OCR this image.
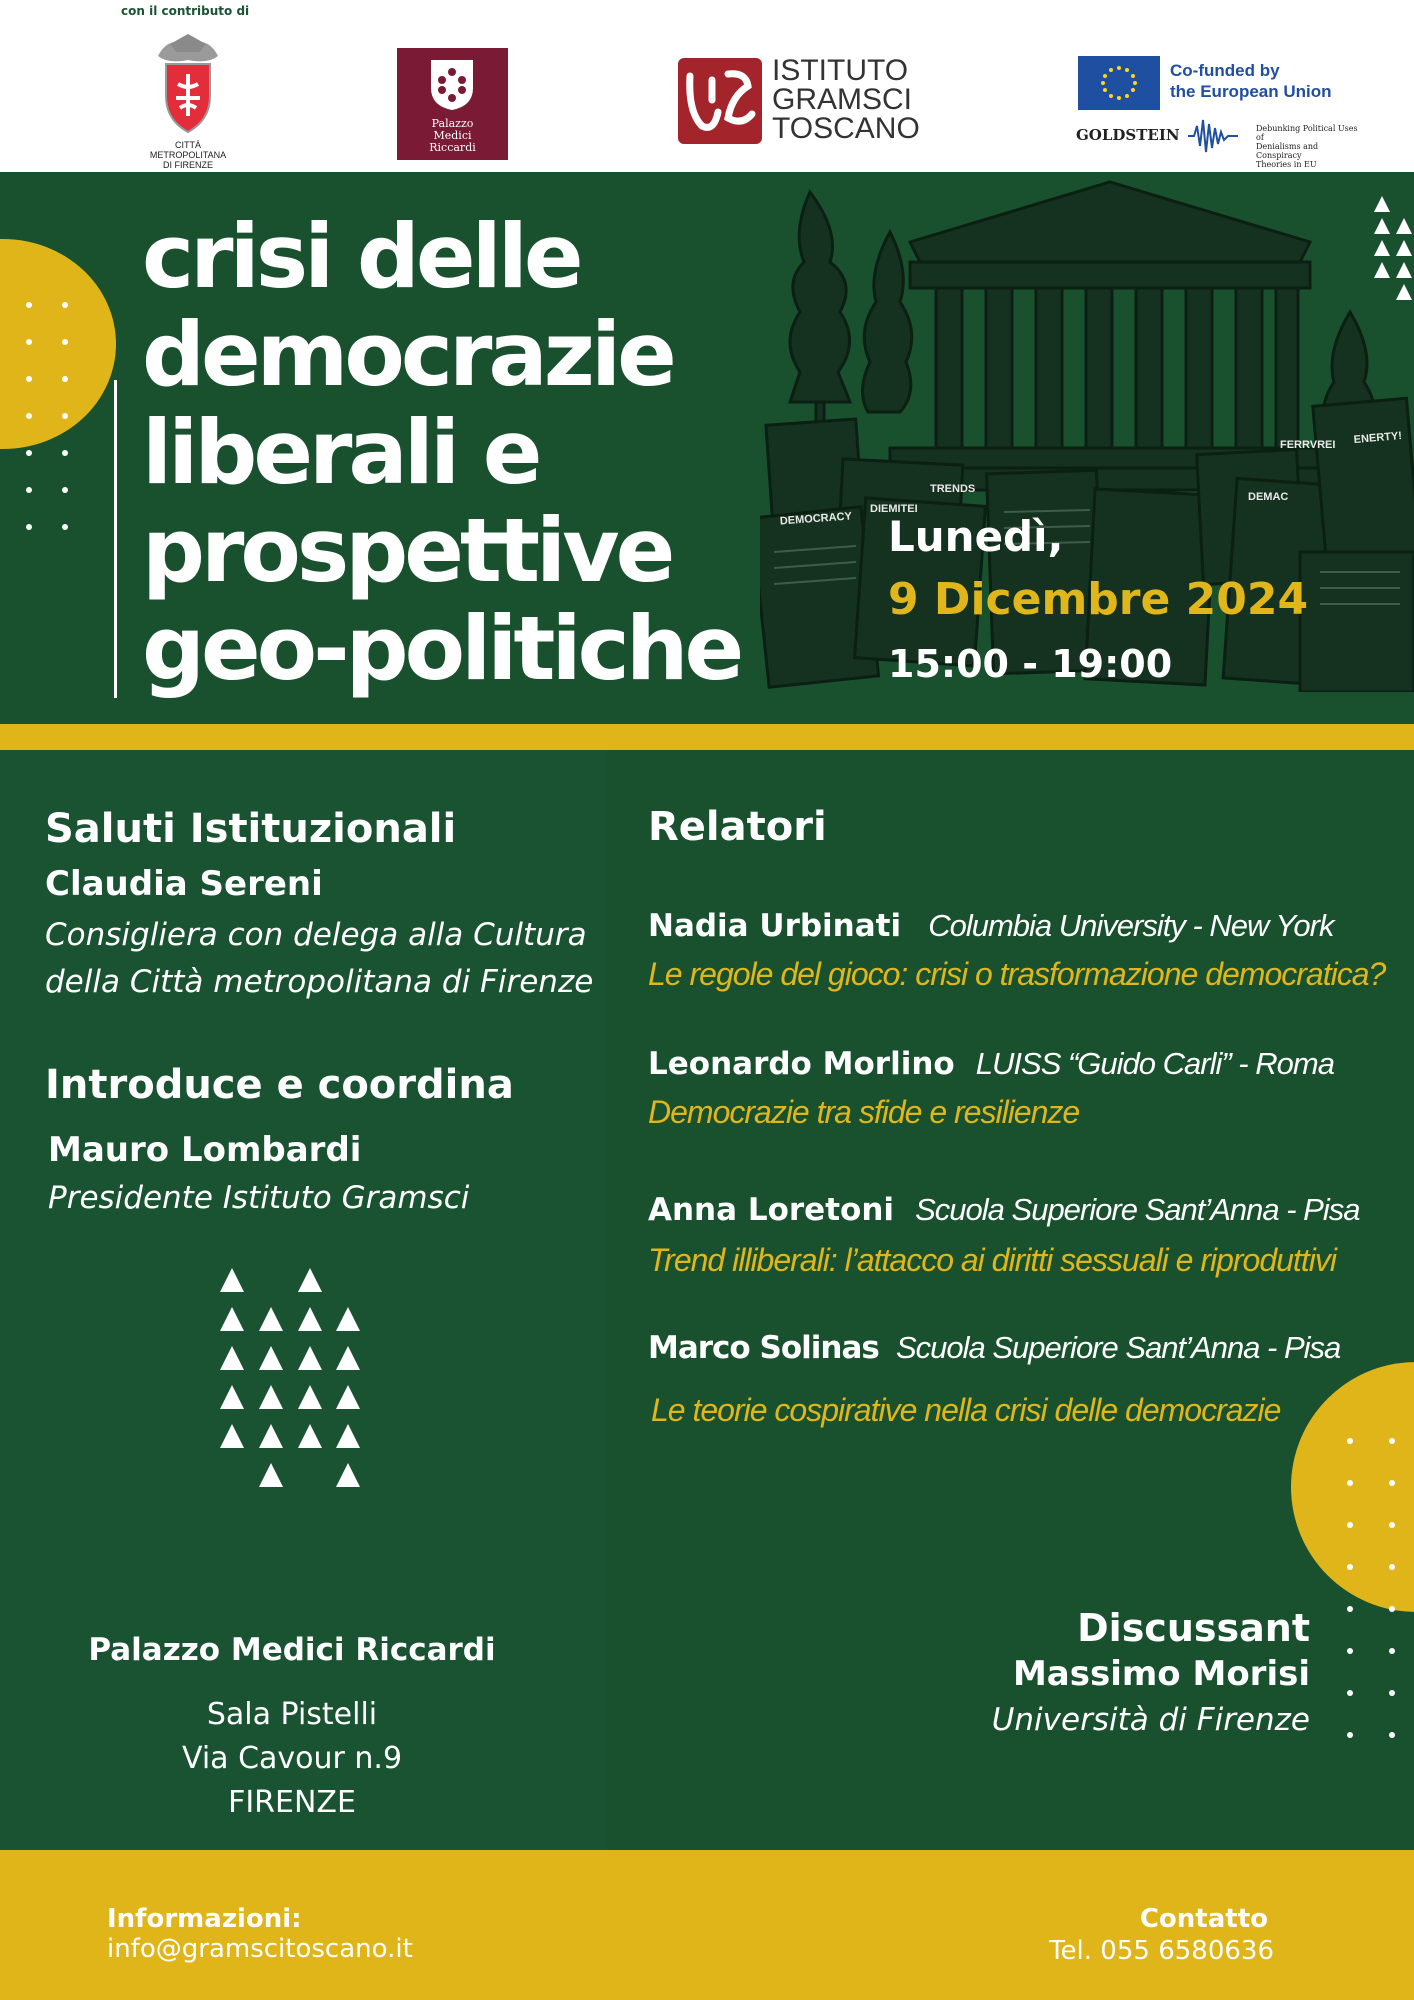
con il contributo di
CITTÀ METROPOLITANA
DI FIRENZE
Palazzo
Medici
Riccardi
ISTITUTO
GRAMSCI
TOSCANO
Co-funded by
the European Union
GOLDSTEIN	Debunking Political Uses of
Denialisms and Conspiracy
Theories in EU
DEMOCRACY
TRENDS
DEMAC
ENERTY!
DIEMITEI
FERRVREI
Lunedì,
9 Dicembre 2024
15:00 - 19:00
crisi delle
democrazie
liberali e
prospettive
geo-politiche
Saluti Istituzionali
Claudia Sereni
Consigliera con delega alla Cultura
della Città metropolitana di Firenze
Introduce e coordina
Mauro Lombardi
Presidente Istituto Gramsci
Palazzo Medici Riccardi
Sala Pistelli
Via Cavour n.9
FIRENZE
Relatori
Nadia Urbinati Columbia University - New York
Le regole del gioco: crisi o trasformazione democratica?
Leonardo Morlino LUISS “Guido Carli” - Roma
Democrazie tra sfide e resilienze
Anna Loretoni Scuola Superiore Sant’Anna - Pisa
Trend illiberali: l’attacco ai diritti sessuali e riproduttivi
Marco Solinas Scuola Superiore Sant’Anna - Pisa
Le teorie cospirative nella crisi delle democrazie
Discussant
Massimo Morisi
Università di Firenze
Informazioni:
info@gramscitoscano.it
Contatto
Tel. 055 6580636
